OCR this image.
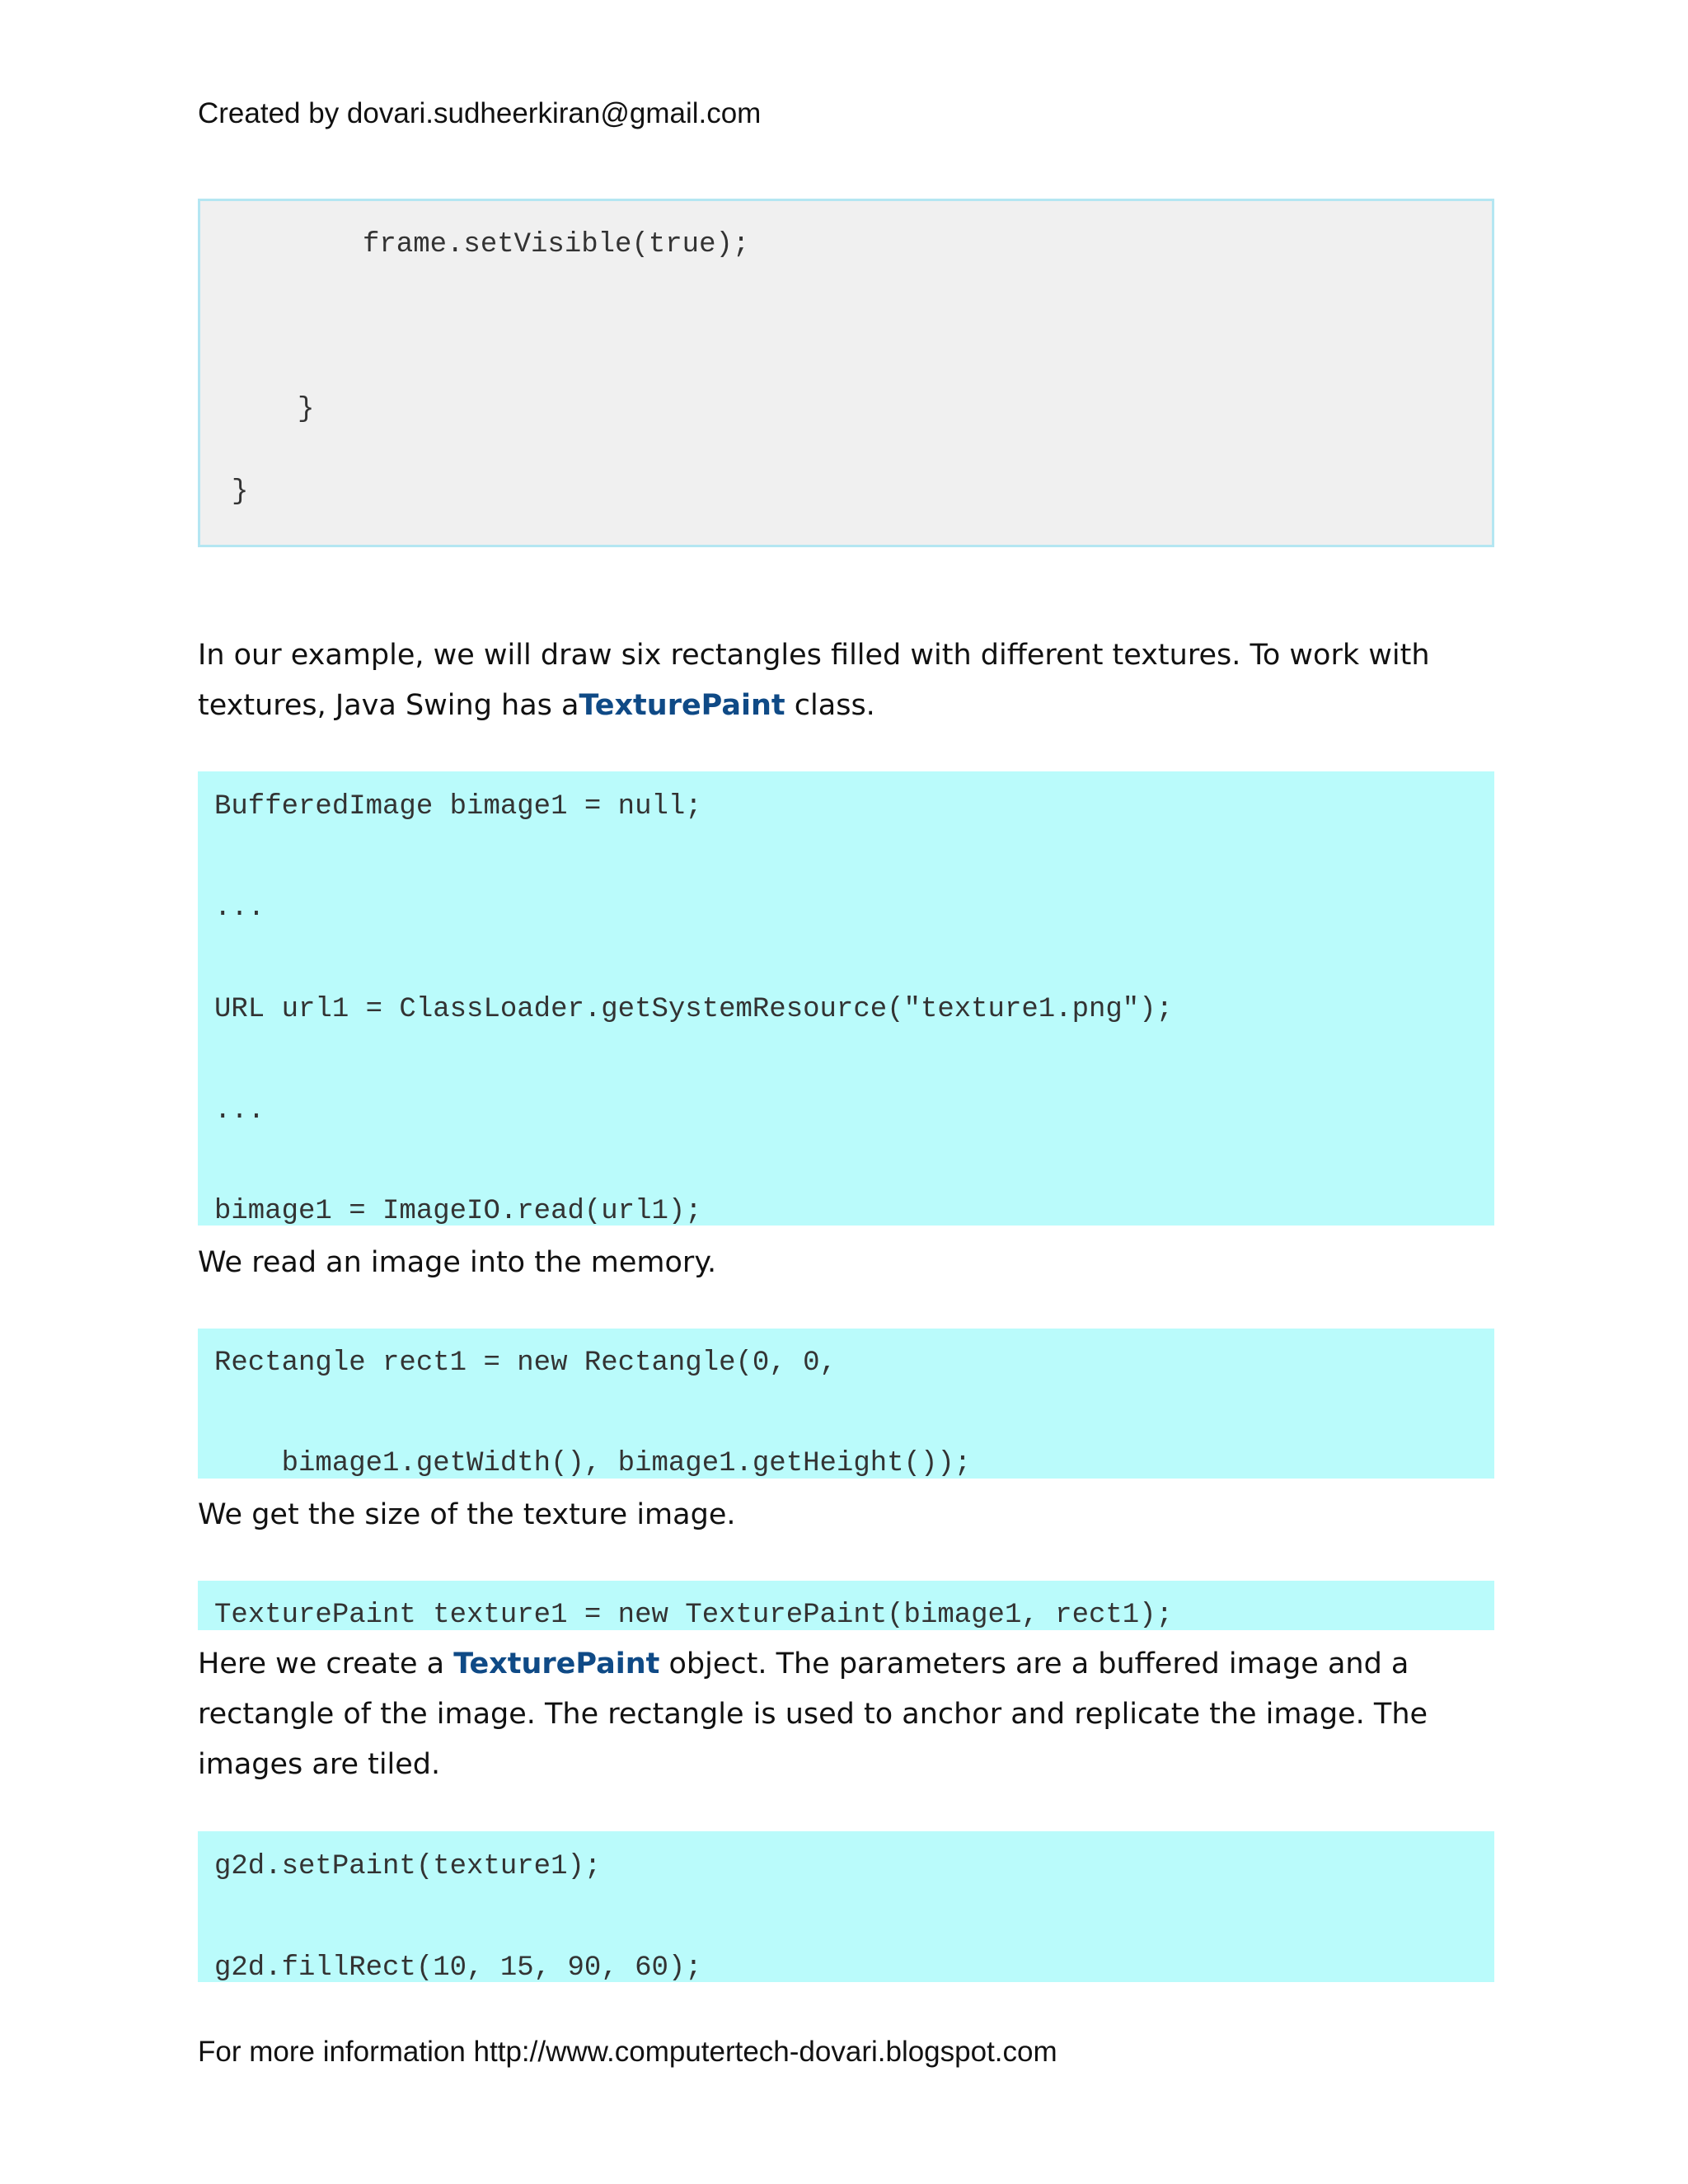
Created by dovari.sudheerkiran@gmail.com

frame.setVisible(true);

}

}

In our example, we will draw six rectangles filled with different textures. To work with textures, Java Swing has aTexturePaint class.

BufferedImage bimage1 = null;

...

URL url1 = ClassLoader.getSystemResource("texture1.png");

...

bimage1 = ImageIO.read(url1);

We read an image into the memory.

Rectangle rect1 = new Rectangle(0, 0,

bimage1.getWidth(), bimage1.getHeight());

We get the size of the texture image.

TexturePaint texture1 = new TexturePaint(bimage1, rect1);

Here we create a TexturePaint object. The parameters are a buffered image and a rectangle of the image. The rectangle is used to anchor and replicate the image. The images are tiled.

g2d.setPaint(texture1);

g2d.fillRect(10, 15, 90, 60);

For more information http://www.computertech-dovari.blogspot.com
